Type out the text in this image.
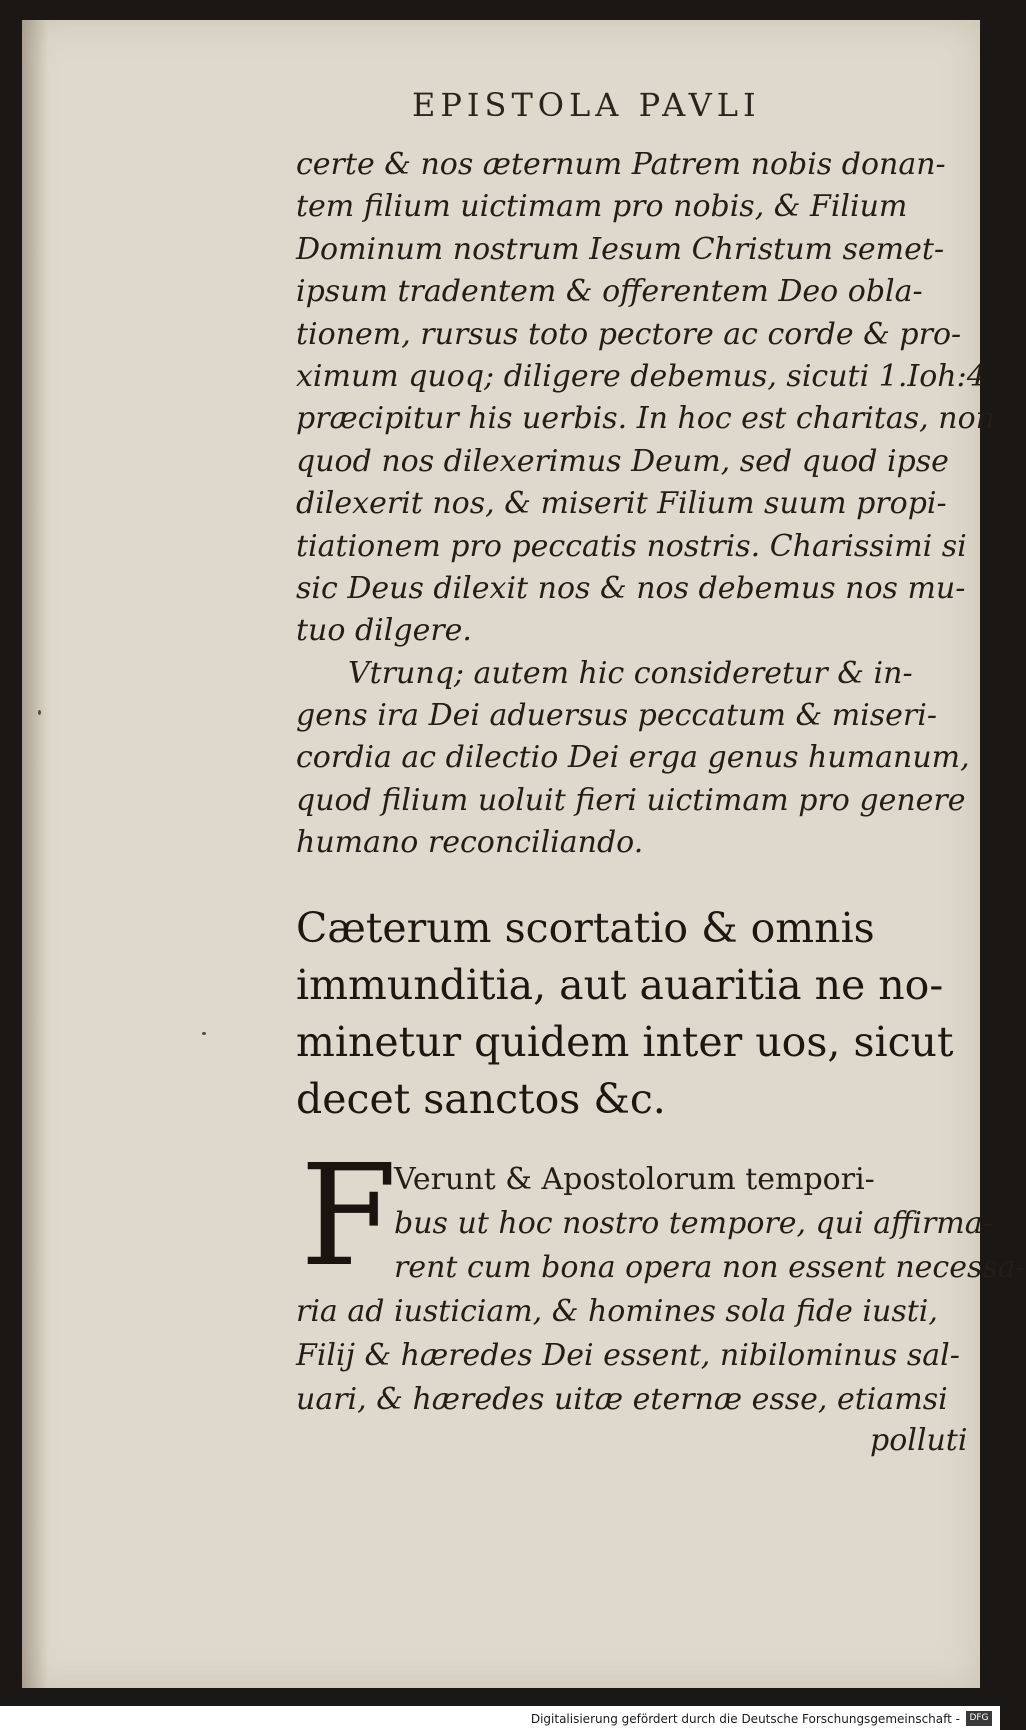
EPISTOLA PAVLI
certe & nos æternum Patrem nobis donan-
tem filium uictimam pro nobis, & Filium
Dominum nostrum Iesum Christum semet-
ipsum tradentem & offerentem Deo obla-
tionem, rursus toto pectore ac corde & pro-
ximum quoq; diligere debemus, sicuti 1.Ioh:4
præcipitur his uerbis. In hoc est charitas, non
quod nos dilexerimus Deum, sed quod ipse
dilexerit nos, & miserit Filium suum propi-
tiationem pro peccatis nostris. Charissimi si
sic Deus dilexit nos & nos debemus nos mu-
tuo dilgere.
Vtrunq; autem hic consideretur & in-
gens ira Dei aduersus peccatum & miseri-
cordia ac dilectio Dei erga genus humanum,
quod filium uoluit fieri uictimam pro genere
humano reconciliando.
Cæterum scortatio & omnis
immunditia, aut auaritia ne no-
minetur quidem inter uos, sicut
decet sanctos &c.
F
Verunt & Apostolorum tempori-
bus ut hoc nostro tempore, qui affirma-
rent cum bona opera non essent necessa-
ria ad iusticiam, & homines sola fide iusti,
Filij & hæredes Dei essent, nibilominus sal-
uari, & hæredes uitæ eternæ esse, etiamsi
polluti
Digitalisierung gefördert durch die Deutsche Forschungsgemeinschaft -	DFG
